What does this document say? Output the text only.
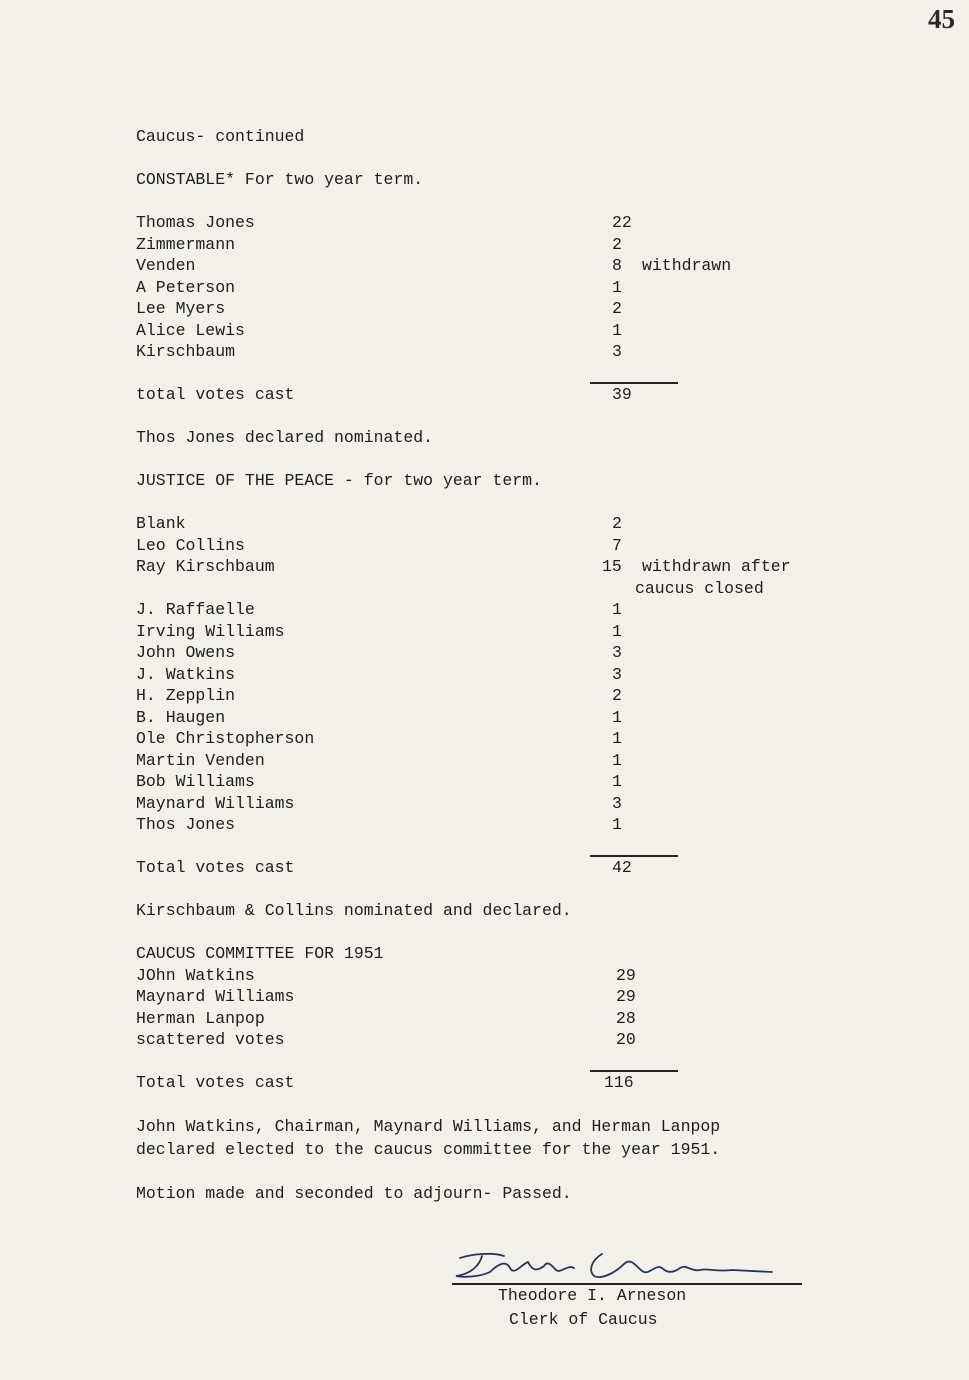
45
Caucus- continued
CONSTABLE* For two year term.
Thomas Jones	22
Zimmermann	2
Venden	8	withdrawn
A Peterson	1
Lee Myers	2
Alice Lewis	1
Kirschbaum	3
total votes cast	39
Thos Jones declared nominated.
JUSTICE OF THE PEACE - for two year term.
Blank	2
Leo Collins	7
Ray Kirschbaum	15	withdrawn after
caucus closed
J. Raffaelle	1
Irving Williams	1
John Owens	3
J. Watkins	3
H. Zepplin	2
B. Haugen	1
Ole Christopherson	1
Martin Venden	1
Bob Williams	1
Maynard Williams	3
Thos Jones	1
Total votes cast	42
Kirschbaum & Collins nominated and declared.
CAUCUS COMMITTEE FOR 1951
JOhn Watkins	29
Maynard Williams	29
Herman Lanpop	28
scattered votes	20
Total votes cast	116
John Watkins, Chairman, Maynard Williams, and Herman Lanpop declared elected to the caucus committee for the year 1951.
Motion made and seconded to adjourn- Passed.
Theodore I. Arneson
Clerk of Caucus
